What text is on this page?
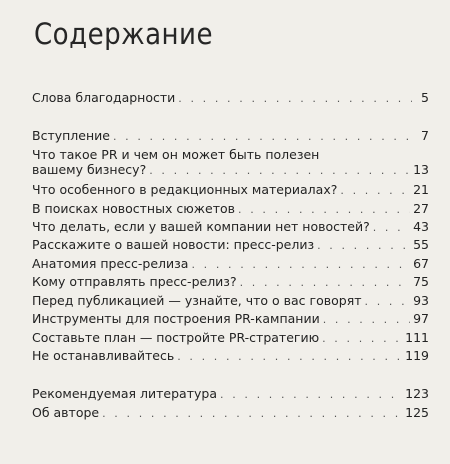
Содержание
Слова благодарности . . .	5
Вступление . . .	7
Что такое PR и чем он может быть полезен
вашему бизнесу? . . .	13
Что особенного в редакционных материалах? . . .	21
В поисках новостных сюжетов . . .	27
Что делать, если у вашей компании нет новостей? . . .	43
Расскажите о вашей новости: пресс-релиз . . .	55
Анатомия пресс-релиза . . .	67
Кому отправлять пресс-релиз? . . .	75
Перед публикацией — узнайте, что о вас говорят . . .	93
Инструменты для построения PR-кампании . . .	97
Составьте план — постройте PR-стратегию . . .	111
Не останавливайтесь . . .	119
Рекомендуемая литература . . .	123
Об авторе . . .	125
